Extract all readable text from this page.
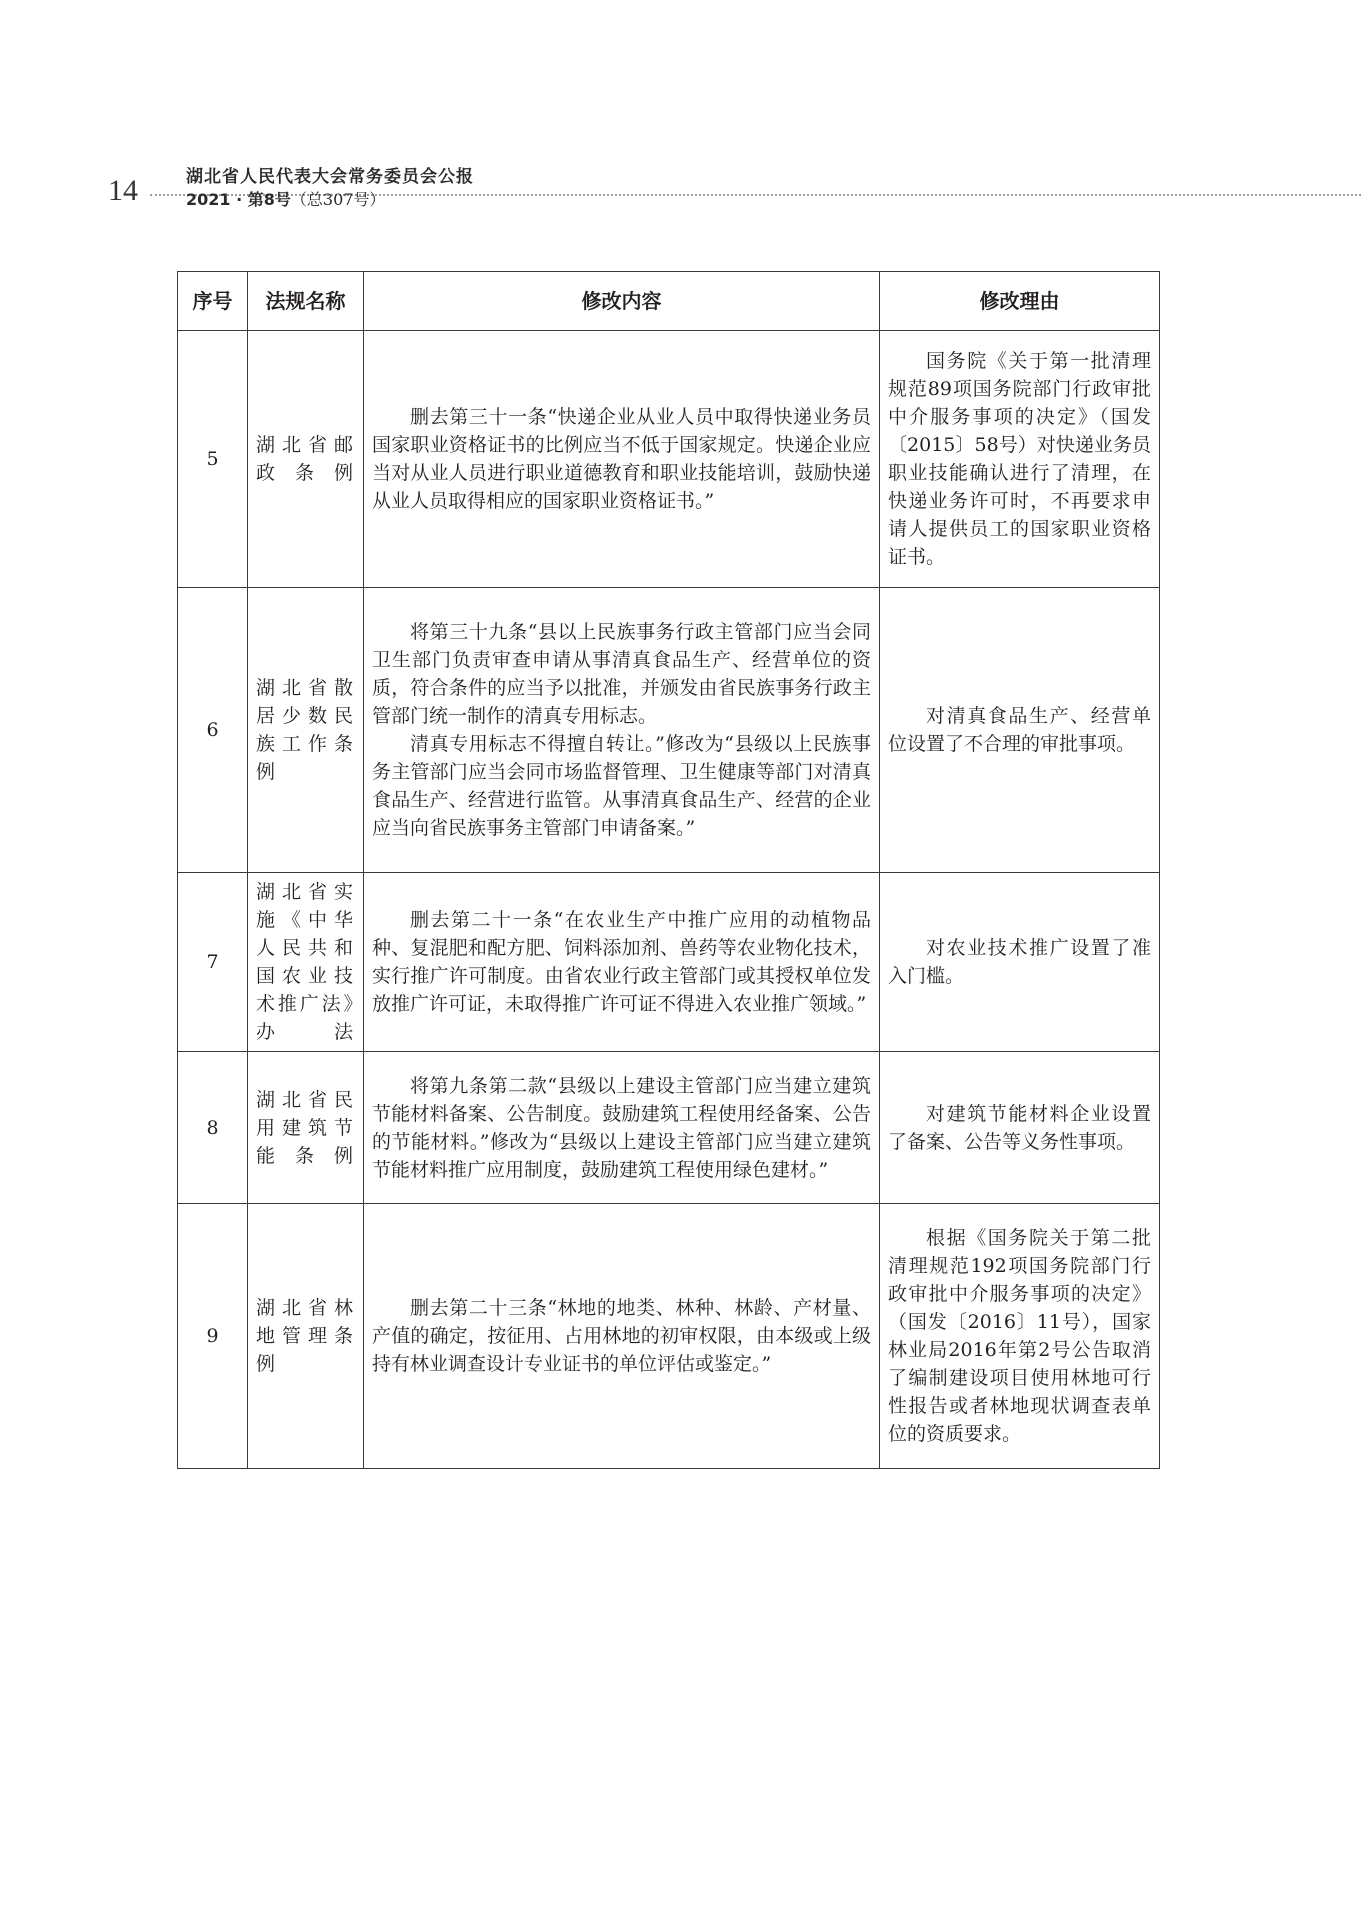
14	湖北省人民代表大会常务委员会公报
2021 · 第8号（总307号）
序号	法规名称	修改内容	修改理由
5	湖北省邮政条例	删去第三十一条“快递企业从业人员中取得快递业务员国家职业资格证书的比例应当不低于国家规定。快递企业应当对从业人员进行职业道德教育和职业技能培训，鼓励快递从业人员取得相应的国家职业资格证书。”	国务院《关于第一批清理规范89项国务院部门行政审批中介服务事项的决定》（国发〔2015〕58号）对快递业务员职业技能确认进行了清理，在快递业务许可时，不再要求申请人提供员工的国家职业资格证书。

6	湖北省散居少数民族工作条例	将第三十九条“县以上民族事务行政主管部门应当会同卫生部门负责审查申请从事清真食品生产、经营单位的资质，符合条件的应当予以批准，并颁发由省民族事务行政主管部门统一制作的清真专用标志。

清真专用标志不得擅自转让。”修改为“县级以上民族事务主管部门应当会同市场监督管理、卫生健康等部门对清真食品生产、经营进行监管。从事清真食品生产、经营的企业应当向省民族事务主管部门申请备案。”	对清真食品生产、经营单位设置了不合理的审批事项。

7	湖北省实施《中华人民共和国农业技术推广法》办法	删去第二十一条“在农业生产中推广应用的动植物品种、复混肥和配方肥、饲料添加剂、兽药等农业物化技术，实行推广许可制度。由省农业行政主管部门或其授权单位发放推广许可证，未取得推广许可证不得进入农业推广领域。”	对农业技术推广设置了准入门槛。

8	湖北省民用建筑节能条例	将第九条第二款“县级以上建设主管部门应当建立建筑节能材料备案、公告制度。鼓励建筑工程使用经备案、公告的节能材料。”修改为“县级以上建设主管部门应当建立建筑节能材料推广应用制度，鼓励建筑工程使用绿色建材。”	对建筑节能材料企业设置了备案、公告等义务性事项。

9	湖北省林地管理条例	删去第二十三条“林地的地类、林种、林龄、产材量、产值的确定，按征用、占用林地的初审权限，由本级或上级持有林业调查设计专业证书的单位评估或鉴定。”	根据《国务院关于第二批清理规范192项国务院部门行政审批中介服务事项的决定》（国发〔2016〕11号），国家林业局2016年第2号公告取消了编制建设项目使用林地可行性报告或者林地现状调查表单位的资质要求。
